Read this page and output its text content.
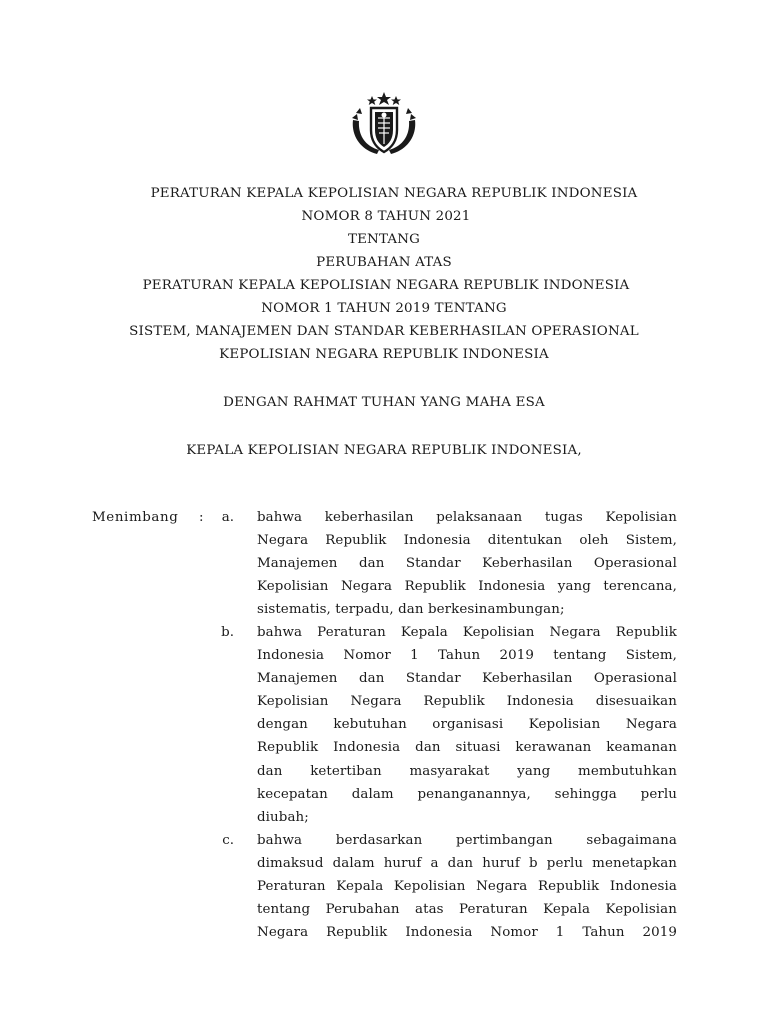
PERATURAN KEPALA KEPOLISIAN NEGARA REPUBLIK INDONESIA
NOMOR 8 TAHUN 2021
TENTANG
PERUBAHAN ATAS
PERATURAN KEPALA KEPOLISIAN NEGARA REPUBLIK INDONESIA
NOMOR 1 TAHUN 2019 TENTANG
SISTEM, MANAJEMEN DAN STANDAR KEBERHASILAN OPERASIONAL
KEPOLISIAN NEGARA REPUBLIK INDONESIA
DENGAN RAHMAT TUHAN YANG MAHA ESA
KEPALA KEPOLISIAN NEGARA REPUBLIK INDONESIA,
Menimbang :	a. bahwa keberhasilan pelaksanaan tugas Kepolisian
Negara Republik Indonesia ditentukan oleh Sistem,
Manajemen dan Standar Keberhasilan Operasional
Kepolisian Negara Republik Indonesia yang terencana,
sistematis, terpadu, dan berkesinambungan;
b. bahwa Peraturan Kepala Kepolisian Negara Republik
Indonesia Nomor 1 Tahun 2019 tentang Sistem,
Manajemen dan Standar Keberhasilan Operasional
Kepolisian Negara Republik Indonesia disesuaikan
dengan kebutuhan organisasi Kepolisian Negara
Republik Indonesia dan situasi kerawanan keamanan
dan ketertiban masyarakat yang membutuhkan
kecepatan dalam penanganannya, sehingga perlu
diubah;
c. bahwa berdasarkan pertimbangan sebagaimana
dimaksud dalam huruf a dan huruf b perlu menetapkan
Peraturan Kepala Kepolisian Negara Republik Indonesia
tentang Perubahan atas Peraturan Kepala Kepolisian
Negara Republik Indonesia Nomor 1 Tahun 2019
